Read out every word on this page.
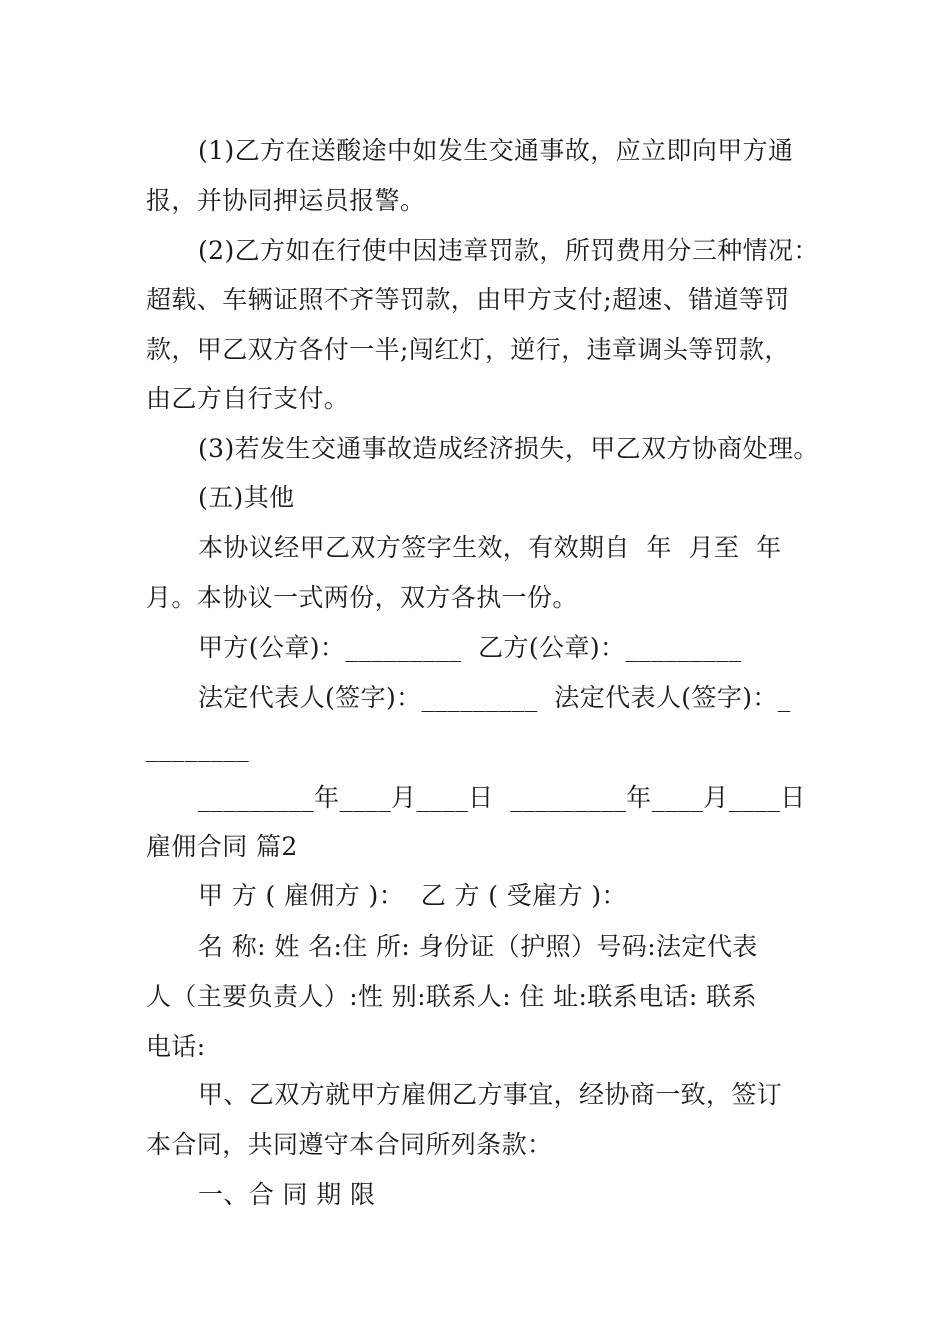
(1)乙方在送酸途中如发生交通事故，应立即向甲方通
报，并协同押运员报警。
(2)乙方如在行使中因违章罚款，所罚费用分三种情况：
超载、车辆证照不齐等罚款，由甲方支付;超速、错道等罚
款，甲乙双方各付一半;闯红灯，逆行，违章调头等罚款，
由乙方自行支付。
(3)若发生交通事故造成经济损失，甲乙双方协商处理。
(五)其他
本协议经甲乙双方签字生效，有效期自  年  月至  年
月。本协议一式两份，双方各执一份。
甲方(公章)：_________  乙方(公章)：_________
法定代表人(签字)：_________  法定代表人(签字)：_
________
_________年____月____日  _________年____月____日
雇佣合同 篇2
甲 方 ( 雇佣方 )：  乙 方 ( 受雇方 )：
名 称: 姓 名:住 所: 身份证（护照）号码:法定代表
人（主要负责人）:性 别:联系人: 住 址:联系电话: 联系
电话:
甲、乙双方就甲方雇佣乙方事宜，经协商一致，签订
本合同，共同遵守本合同所列条款：
一、合 同 期 限
